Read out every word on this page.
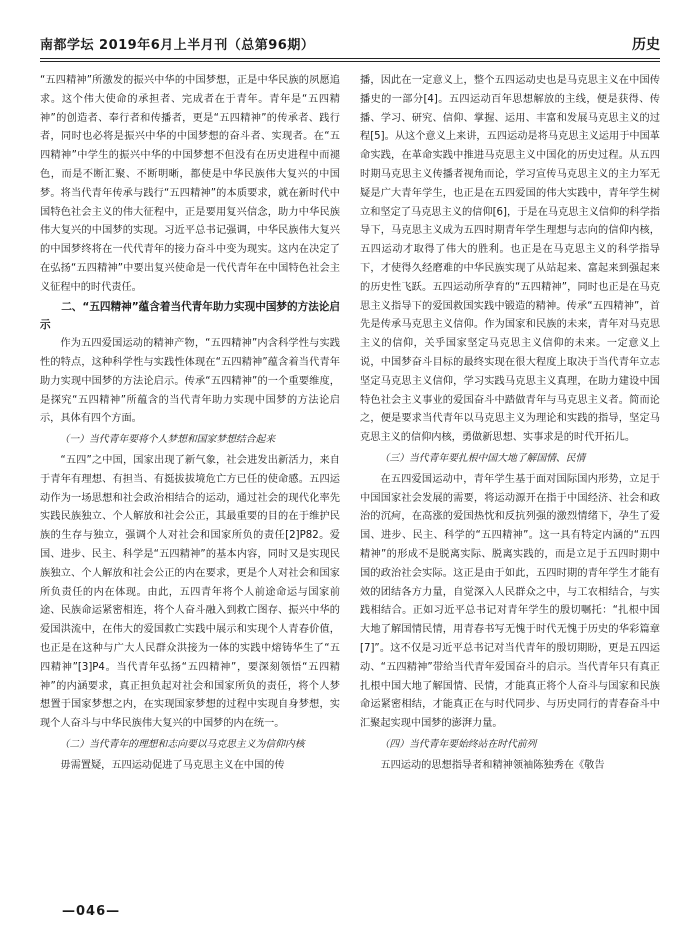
南都学坛 2019年6月上半月刊（总第96期）	历史

“五四精神”所激发的振兴中华的中国梦想，正是中华民族的夙愿追求。这个伟大使命的承担者、完成者在于青年。青年是“五四精神”的创造者、奉行者和传播者，更是“五四精神”的传承者、践行者，同时也必将是振兴中华的中国梦想的奋斗者、实现者。在“五四精神”中学生的振兴中华的中国梦想不但没有在历史进程中而褪色，而是不断汇聚、不断明晰，都使是中华民族伟大复兴的中国梦。将当代青年传承与践行“五四精神”的本质要求，就在新时代中国特色社会主义的伟大征程中，正是要用复兴信念，助力中华民族伟大复兴的中国梦的实现。习近平总书记强调，中华民族伟大复兴的中国梦终将在一代代青年的接力奋斗中变为现实。这内在决定了在弘扬“五四精神”中要出复兴使命是一代代青年在中国特色社会主义征程中的时代责任。

二、“五四精神”蕴含着当代青年助力实现中国梦的方法论启示

作为五四爱国运动的精神产物，“五四精神”内含科学性与实践性的特点，这种科学性与实践性体现在“五四精神”蕴含着当代青年助力实现中国梦的方法论启示。传承“五四精神”的一个重要维度，是探究“五四精神”所蕴含的当代青年助力实现中国梦的方法论启示，具体有四个方面。

（一）当代青年要将个人梦想和国家梦想结合起来

“五四”之中国，国家出现了新气象，社会进发出新活力，来自于青年有理想、有担当、有挺拔拔境危亡方已任的使命感。五四运动作为一场思想和社会政治相结合的运动，通过社会的现代化率先实践民族独立、个人解放和社会公正，其最重要的目的在于维护民族的生存与独立，强调个人对社会和国家所负的责任[2]P82。爱国、进步、民主、科学是“五四精神”的基本内容，同时又是实现民族独立、个人解放和社会公正的内在要求，更是个人对社会和国家所负责任的内在体现。由此，五四青年将个人前途命运与国家前途、民族命运紧密相连，将个人奋斗融入到救亡图存、振兴中华的爱国洪流中，在伟大的爱国救亡实践中展示和实现个人青春价值，也正是在这种与广大人民群众洪接为一体的实践中熔铸华生了“五四精神”[3]P4。当代青年弘扬“五四精神”，要深刻领悟“五四精神”的内涵要求，真正担负起对社会和国家所负的责任，将个人梦想置于国家梦想之内，在实现国家梦想的过程中实现自身梦想，实现个人奋斗与中华民族伟大复兴的中国梦的内在统一。

（二）当代青年的理想和志向要以马克思主义为信仰内核

毋需置疑，五四运动促进了马克思主义在中国的传

播，因此在一定意义上，整个五四运动史也是马克思主义在中国传播史的一部分[4]。五四运动百年思想解放的主线，便是获得、传播、学习、研究、信仰、掌握、运用、丰富和发展马克思主义的过程[5]。从这个意义上来讲，五四运动是将马克思主义运用于中国革命实践，在革命实践中推进马克思主义中国化的历史过程。从五四时期马克思主义传播者视角而论，学习宣传马克思主义的主力军无疑是广大青年学生，也正是在五四爱国的伟大实践中，青年学生树立和坚定了马克思主义的信仰[6]，于是在马克思主义信仰的科学指导下，马克思主义成为五四时期青年学生理想与志向的信仰内核，五四运动才取得了伟大的胜利。也正是在马克思主义的科学指导下，才使得久经磨难的中华民族实现了从站起来、富起来到强起来的历史性飞跃。五四运动所孕育的“五四精神”，同时也正是在马克思主义指导下的爱国救国实践中锻造的精神。传承“五四精神”，首先是传承马克思主义信仰。作为国家和民族的未来，青年对马克思主义的信仰，关乎国家坚定马克思主义信仰的未来。一定意义上说，中国梦奋斗目标的最终实现在很大程度上取决于当代青年立志坚定马克思主义信仰，学习实践马克思主义真理，在助力建设中国特色社会主义事业的爱国奋斗中踏做青年与马克思主义者。简而论之，便是要求当代青年以马克思主义为理论和实践的指导，坚定马克思主义的信仰内核，勇做新思想、实事求是的时代开拓儿。

（三）当代青年要扎根中国大地了解国情、民情

在五四爱国运动中，青年学生基于面对国际国内形势，立足于中国国家社会发展的需要，将运动源开在指于中国经济、社会和政治的沉疴，在高涨的爱国热忱和反抗列强的激烈情绪下，孕生了爱国、进步、民主、科学的“五四精神”。这一具有特定内涵的“五四精神”的形成不是脱离实际、脱离实践的，而是立足于五四时期中国的政治社会实际。这正是由于如此，五四时期的青年学生才能有效的团结各方力量，自觉深入人民群众之中，与工农相结合，与实践相结合。正如习近平总书记对青年学生的殷切嘱托：“扎根中国大地了解国情民情，用青春书写无愧于时代无愧于历史的华彩篇章[7]”。这不仅是习近平总书记对当代青年的殷切期盼，更是五四运动、“五四精神”带给当代青年爱国奋斗的启示。当代青年只有真正扎根中国大地了解国情、民情，才能真正将个人奋斗与国家和民族命运紧密相结，才能真正在与时代同步、与历史同行的青春奋斗中汇聚起实现中国梦的澎湃力量。

（四）当代青年要始终站在时代前列

五四运动的思想指导者和精神领袖陈独秀在《敬告

—046—
